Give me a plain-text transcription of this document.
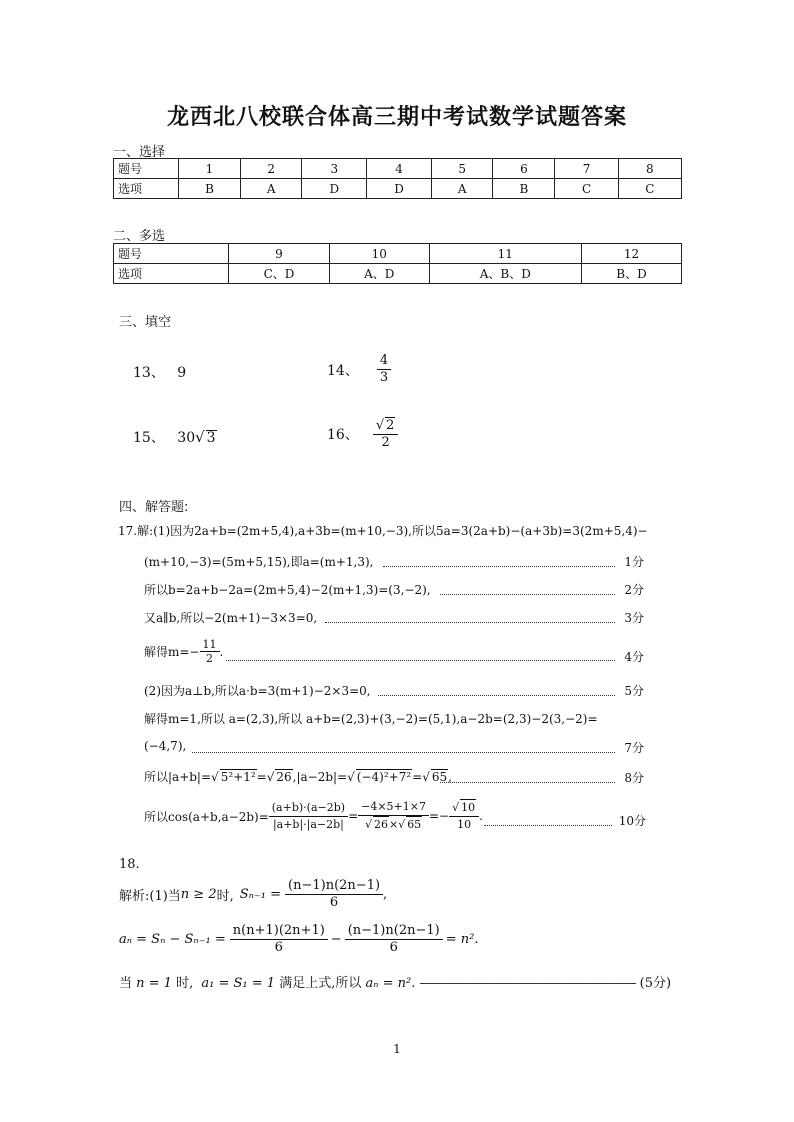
龙西北八校联合体高三期中考试数学试题答案
一、选择
题号	1	2	3	4	5	6	7	8
选项	B	A	D	D	A	B	C	C
二、多选
题号	9	10	11	12
选项	C、D	A、D	A、B、D	B、D
三、填空
13、 9	14、 $\frac{4}{3}$
15、 30√ 3	16、 $\frac{√ 2}{2}$
四、解答题:
17.解:(1)因为2a+b=(2m+5,4),a+3b=(m+10,−3),所以5a=3(2a+b)−(a+3b)=3(2m+5,4)−
(m+10,−3)=(5m+5,15),即a=(m+1,3),	1分
所以b=2a+b−2a=(2m+5,4)−2(m+1,3)=(3,−2),	2分
又a∥b,所以−2(m+1)−3×3=0,	3分
解得$m=- \frac{11}{2}$ .	4分
(2)因为a⊥b,所以a·b=3(m+1)−2×3=0,	5分
解得m=1,所以 a=(2,3),所以 a+b=(2,3)+(3,−2)=(5,1),a−2b=(2,3)−2(3,−2)=
(−4,7),	7分
所以|a+b|=√ 5²+1²=√ 26,|a−2b|=√ (−4)²+7²=√ 65,	8分
所以$\cos(a+b,a-2b)= \frac{(a+b)\cdot(a-2b)}{|a+b|\cdot|a-2b|} = \frac{-4\times 5+1\times 7}{√ 26\times√ 65} =- \frac{√ 10}{10}$ .	10分
18.
解析:(1)当 n ≥ 2 时, $S_{n-1} = \frac{(n-1)n(2n-1)}{6}$ ,
$a_n = S_n - S_{n-1} = \frac{n(n+1)(2n+1)}{6} - \frac{(n-1)n(2n-1)}{6} = n^2$.
当 n = 1 时, a₁ = S₁ = 1 满足上式,所以 aₙ = n². —————————————————— (5分)
1
